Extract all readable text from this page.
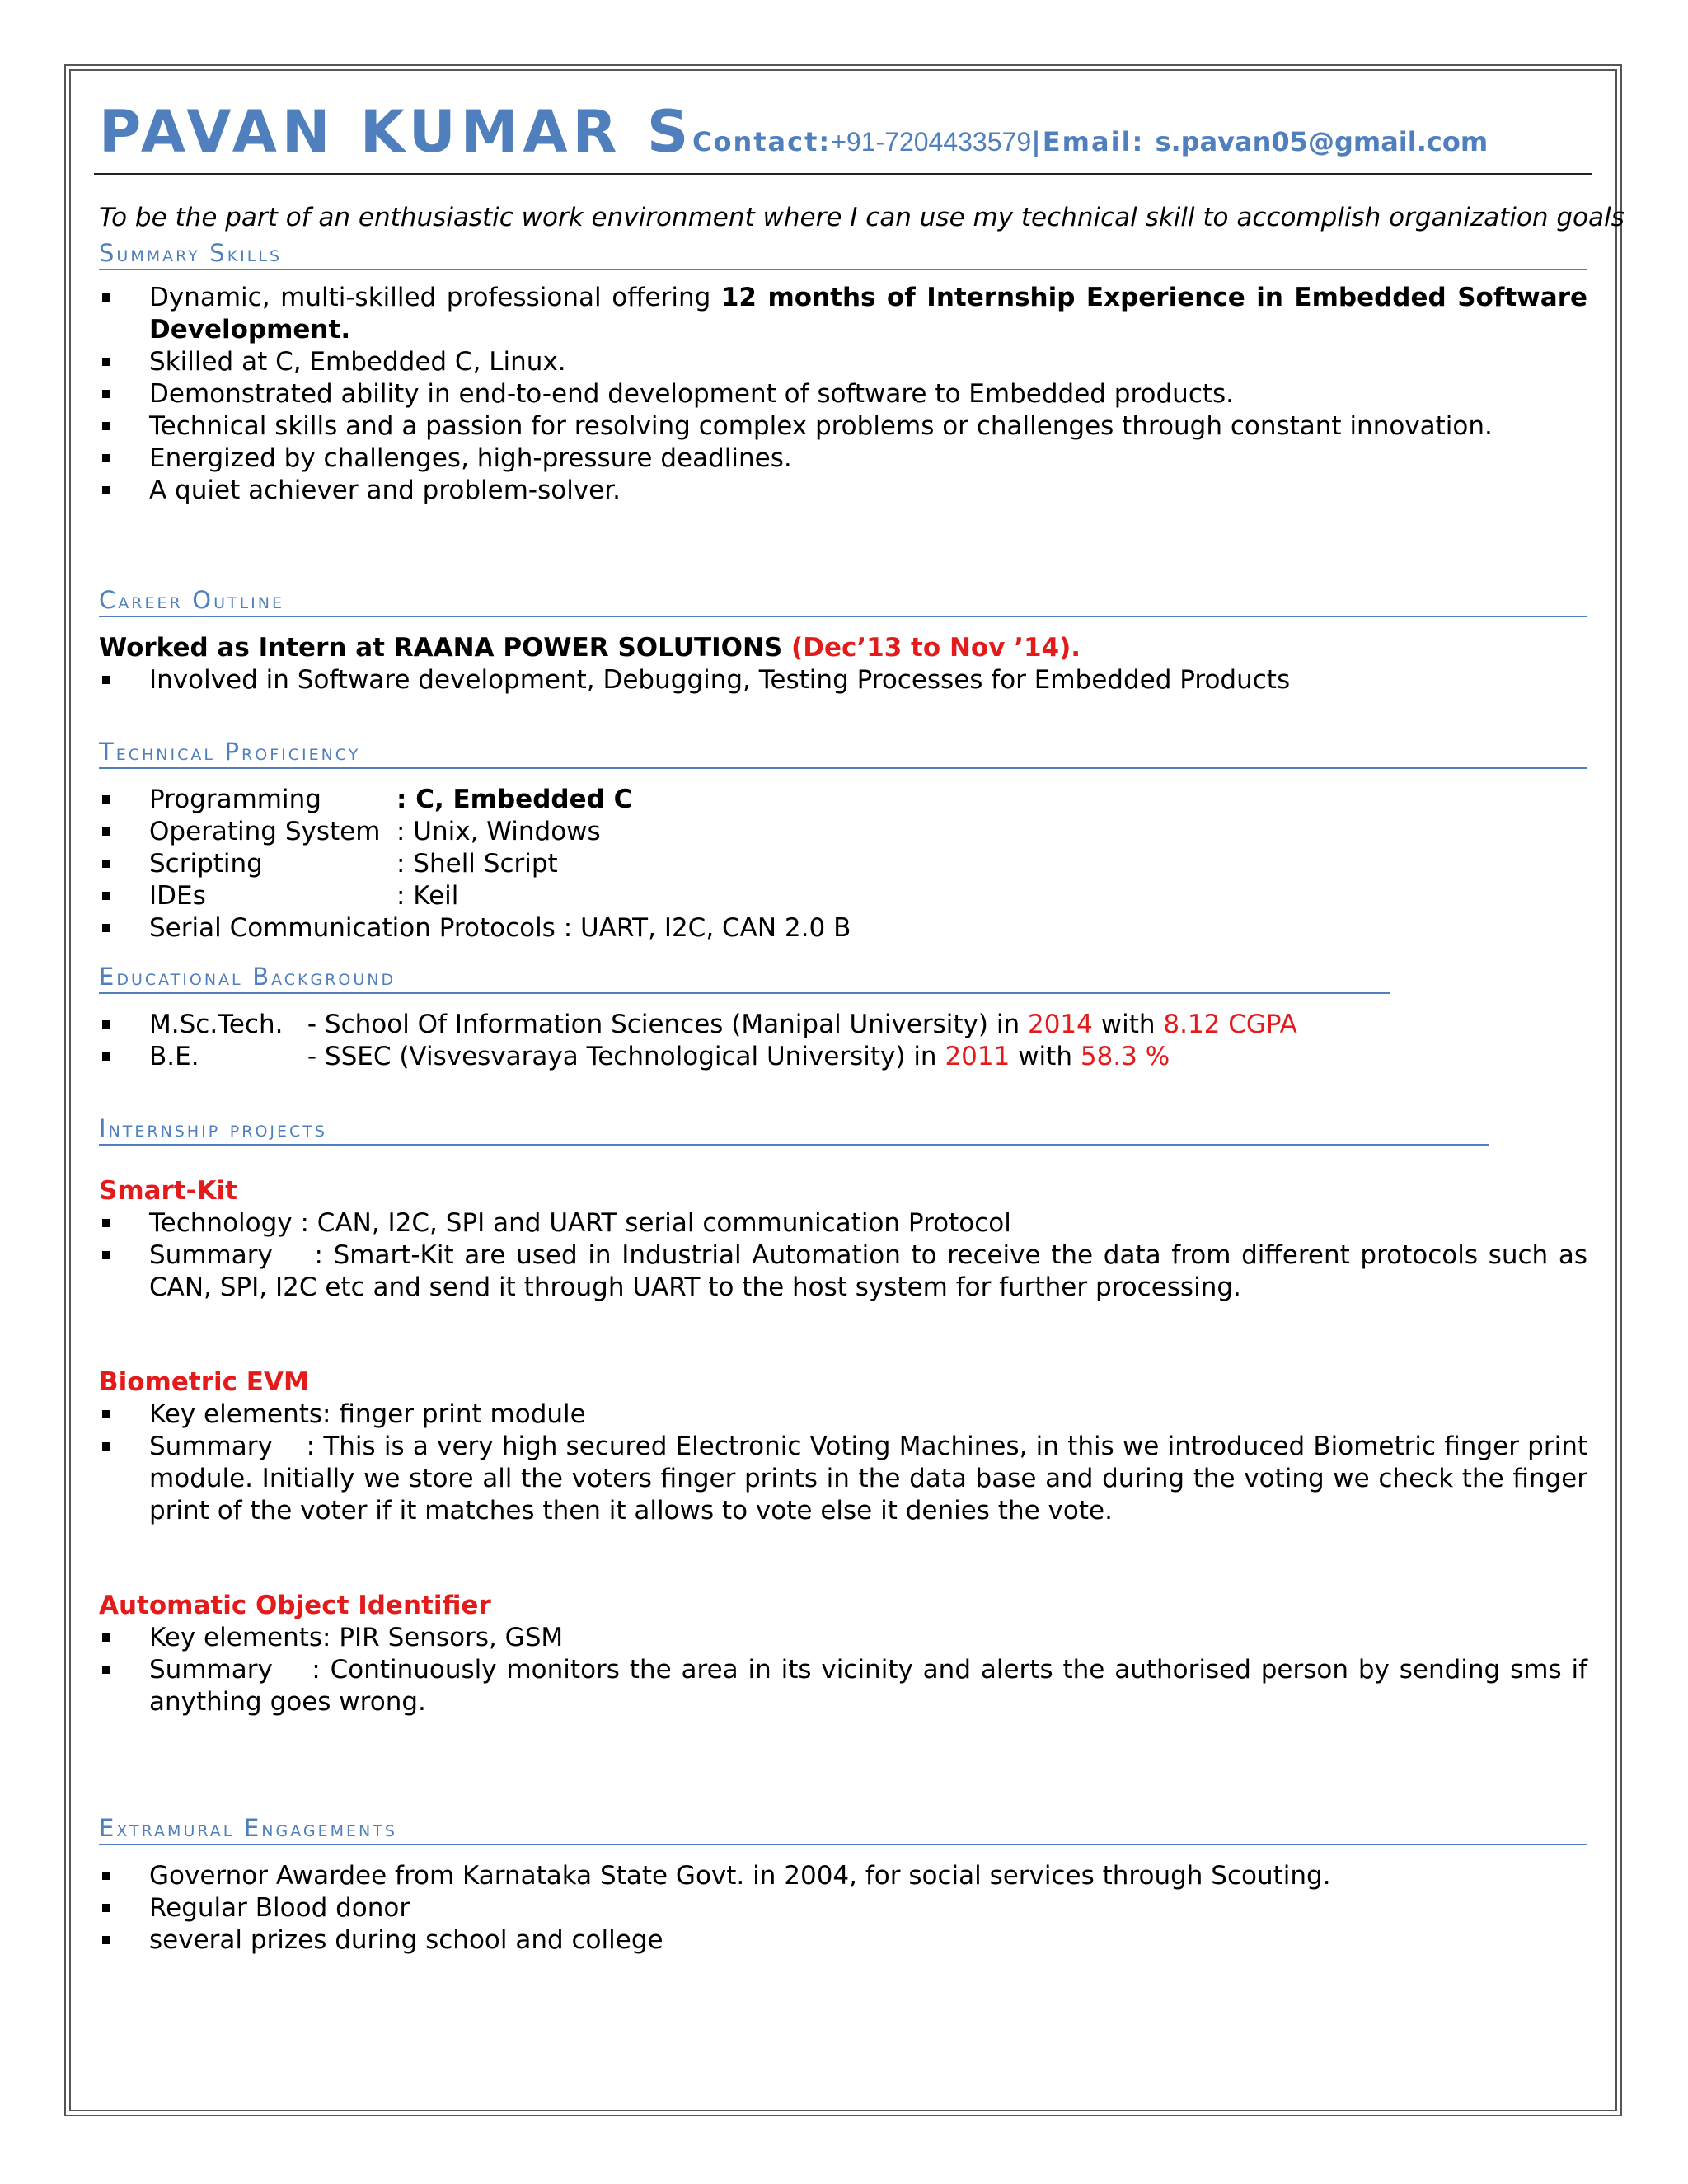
PAVAN KUMAR S
Contact:+91-7204433579|Email: s.pavan05@gmail.com
To be the part of an enthusiastic work environment where I can use my technical skill to accomplish organization goals
Summary Skills
Dynamic, multi-skilled professional offering 12 months of Internship Experience in Embedded Software Development.
Skilled at C, Embedded C, Linux.
Demonstrated ability in end-to-end development of software to Embedded products.
Technical skills and a passion for resolving complex problems or challenges through constant innovation.
Energized by challenges, high-pressure deadlines.
A quiet achiever and problem-solver.
Career Outline
Worked as Intern at RAANA POWER SOLUTIONS (Dec’13 to Nov ’14).
Involved in Software development, Debugging, Testing Processes for Embedded Products
Technical Proficiency
Programming	: C, Embedded C
Operating System : Unix, Windows
Scripting	: Shell Script
IDEs	: Keil
Serial Communication Protocols : UART, I2C, CAN 2.0 B
Educational Background
M.Sc.Tech. - School Of Information Sciences (Manipal University) in 2014 with 8.12 CGPA
B.E.	- SSEC (Visvesvaraya Technological University) in 2011 with 58.3 %
Internship projects
Smart-Kit
Technology : CAN, I2C, SPI and UART serial communication Protocol
Summary    : Smart-Kit are used in Industrial Automation to receive the data from different protocols such as CAN, SPI, I2C etc and send it through UART to the host system for further processing.
Biometric EVM
Key elements: finger print module
Summary    : This is a very high secured Electronic Voting Machines, in this we introduced Biometric finger print module. Initially we store all the voters finger prints in the data base and during the voting we check the finger print of the voter if it matches then it allows to vote else it denies the vote.
Automatic Object Identifier
Key elements: PIR Sensors, GSM
Summary    : Continuously monitors the area in its vicinity and alerts the authorised person by sending sms if anything goes wrong.
Extramural Engagements
Governor Awardee from Karnataka State Govt. in 2004, for social services through Scouting.
Regular Blood donor
several prizes during school and college
